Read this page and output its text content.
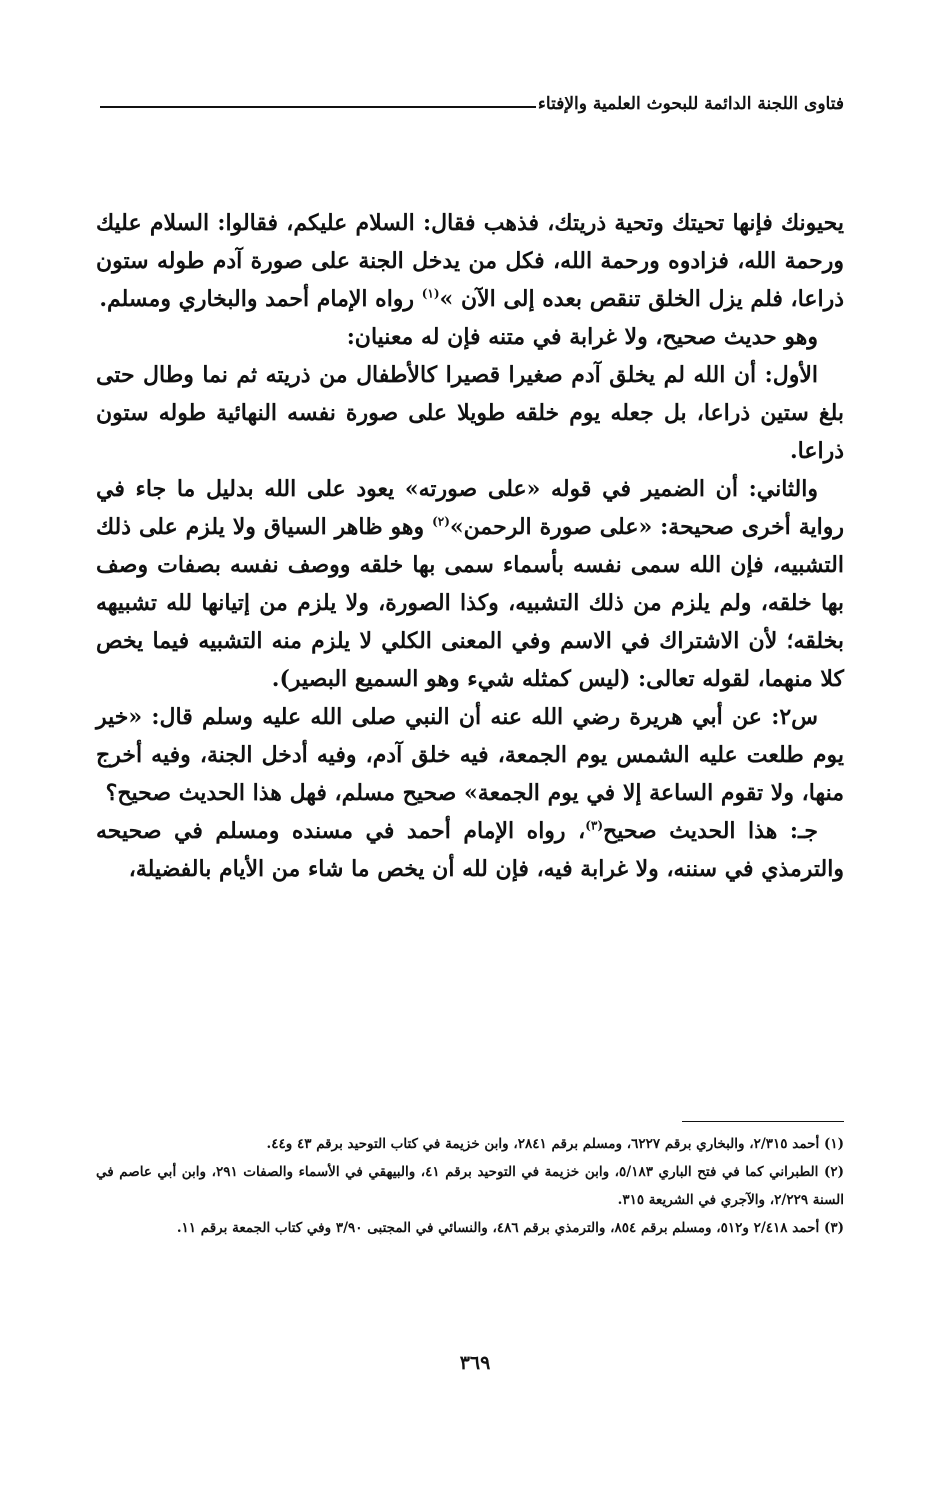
فتاوى اللجنة الدائمة للبحوث العلمية والإفتاء

يحيونك فإنها تحيتك وتحية ذريتك، فذهب فقال: السلام عليكم، فقالوا: السلام عليك ورحمة الله، فزادوه ورحمة الله، فكل من يدخل الجنة على صورة آدم طوله ستون ذراعا، فلم يزل الخلق تنقص بعده إلى الآن »$^{(١)}$ رواه الإمام أحمد والبخاري ومسلم.

وهو حديث صحيح، ولا غرابة في متنه فإن له معنيان:

الأول: أن الله لم يخلق آدم صغيرا قصيرا كالأطفال من ذريته ثم نما وطال حتى بلغ ستين ذراعا، بل جعله يوم خلقه طويلا على صورة نفسه النهائية طوله ستون ذراعا.

والثاني: أن الضمير في قوله «على صورته» يعود على الله بدليل ما جاء في رواية أخرى صحيحة: «على صورة الرحمن»$^{(٢)}$ وهو ظاهر السياق ولا يلزم على ذلك التشبيه، فإن الله سمى نفسه بأسماء سمى بها خلقه ووصف نفسه بصفات وصف بها خلقه، ولم يلزم من ذلك التشبيه، وكذا الصورة، ولا يلزم من إتيانها لله تشبيهه بخلقه؛ لأن الاشتراك في الاسم وفي المعنى الكلي لا يلزم منه التشبيه فيما يخص كلا منهما، لقوله تعالى: (ليس كمثله شيء وهو السميع البصير).

س٢: عن أبي هريرة رضي الله عنه أن النبي صلى الله عليه وسلم قال: «خير يوم طلعت عليه الشمس يوم الجمعة، فيه خلق آدم، وفيه أدخل الجنة، وفيه أخرج منها، ولا تقوم الساعة إلا في يوم الجمعة» صحيح مسلم، فهل هذا الحديث صحيح؟

جـ: هذا الحديث صحيح$^{(٣)}$، رواه الإمام أحمد في مسنده ومسلم في صحيحه والترمذي في سننه، ولا غرابة فيه، فإن لله أن يخص ما شاء من الأيام بالفضيلة،

(١) أحمد ٢/٣١٥، والبخاري برقم ٦٢٢٧، ومسلم برقم ٢٨٤١، وابن خزيمة في كتاب التوحيد برقم ٤٣ و٤٤.

(٢) الطبراني كما في فتح الباري ٥/١٨٣، وابن خزيمة في التوحيد برقم ٤١، والبيهقي في الأسماء والصفات ٢٩١، وابن أبي عاصم في السنة ٢/٢٢٩، والآجري في الشريعة ٣١٥.

(٣) أحمد ٢/٤١٨ و٥١٢، ومسلم برقم ٨٥٤، والترمذي برقم ٤٨٦، والنسائي في المجتبى ٣/٩٠ وفي كتاب الجمعة برقم ١١.

٣٦٩
